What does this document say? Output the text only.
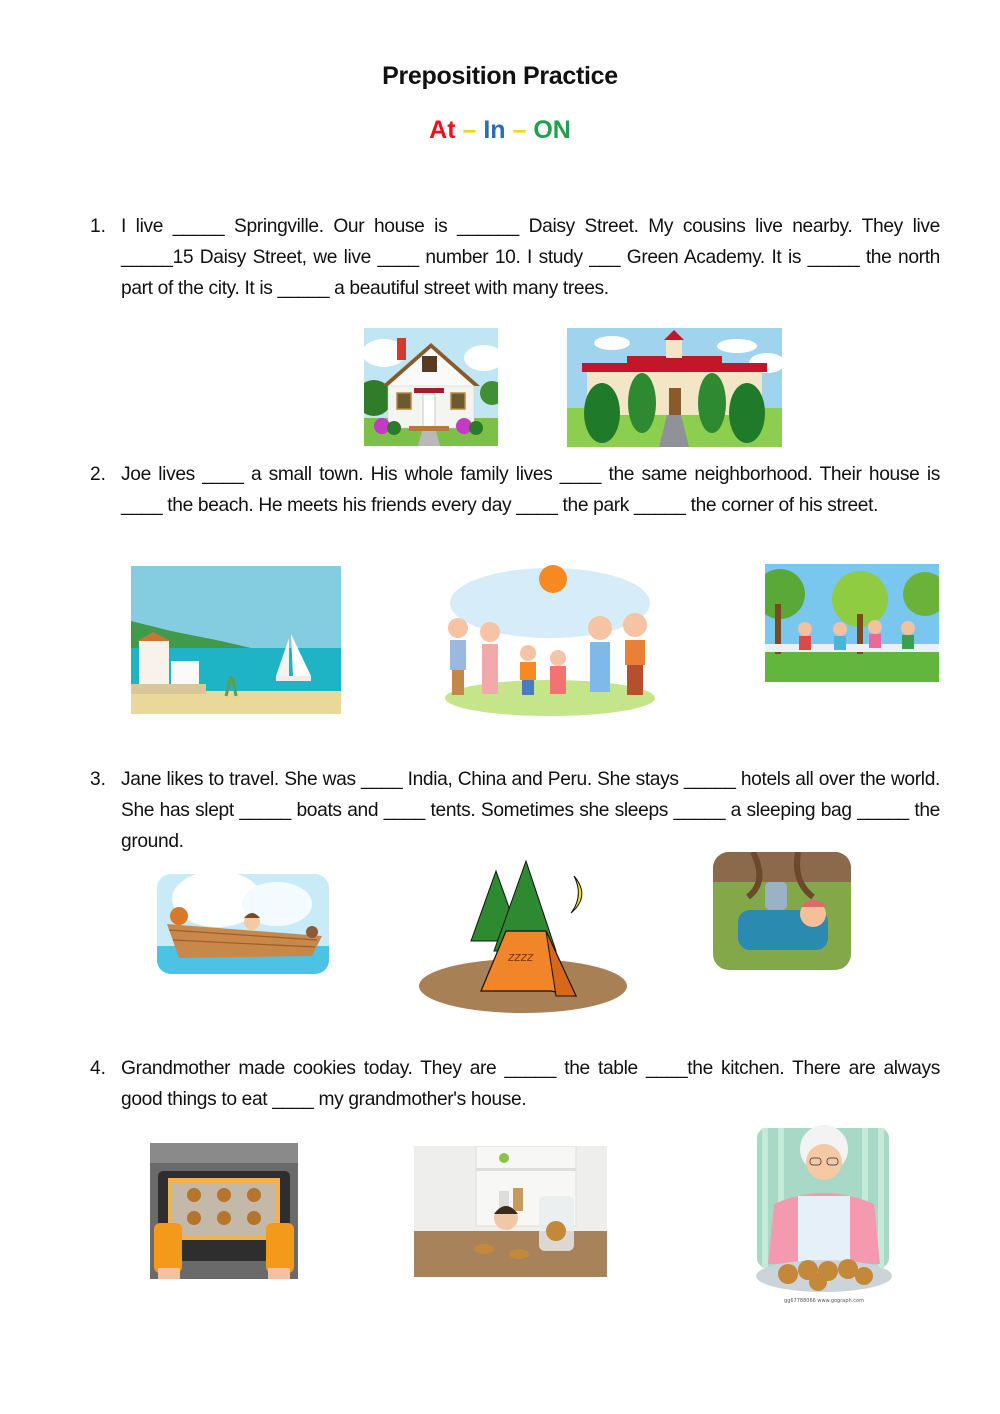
Preposition Practice
At – In – ON
1. I live _____ Springville. Our house is ______ Daisy Street. My cousins live nearby. They live _____15 Daisy Street, we live ____ number 10. I study ___ Green Academy. It is _____ the north part of the city. It is _____ a beautiful street with many trees.
2. Joe lives ____ a small town. His whole family lives ____ the same neighborhood. Their house is ____ the beach. He meets his friends every day ____ the park _____ the corner of his street.
3. Jane likes to travel. She was ____ India, China and Peru. She stays _____ hotels all over the world. She has slept _____ boats and ____ tents. Sometimes she sleeps _____ a sleeping bag _____ the ground.
zzzz
4. Grandmother made cookies today. They are _____ the table ____the kitchen. There are always good things to eat ____ my grandmother's house.
gg67788066 www.gograph.com
